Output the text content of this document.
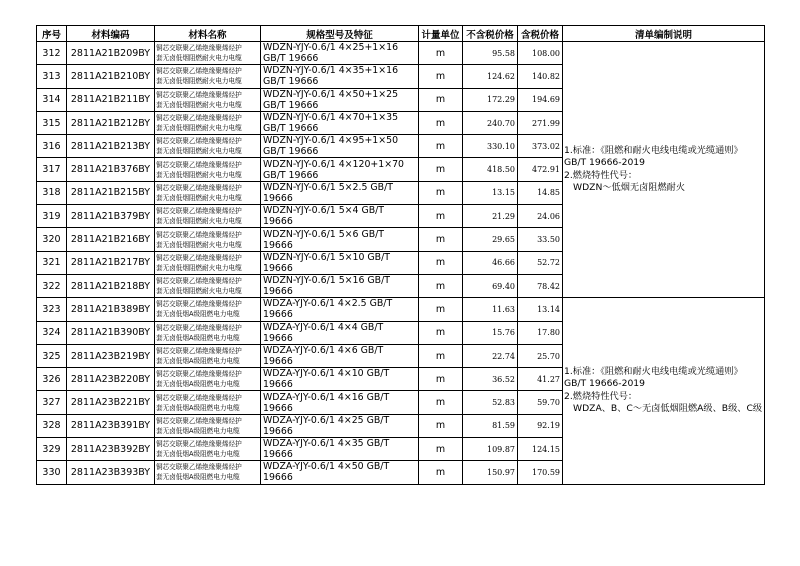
序号	材料编码	材料名称	规格型号及特征	计量单位	不含税价格	含税价格	清单编制说明
312	2811A21B209BY	铜芯交联聚乙烯绝缘聚烯烃护
套无卤低烟阻燃耐火电力电缆	WDZN-YJY-0.6/1 4×25+1×16 GB/T 19666	m	95.58	108.00	1.标准：《阻燃和耐火电线电缆或光缆通则》
GB/T 19666-2019
2.燃烧特性代号：
WDZN～低烟无卤阻燃耐火

313	2811A21B210BY	铜芯交联聚乙烯绝缘聚烯烃护
套无卤低烟阻燃耐火电力电缆	WDZN-YJY-0.6/1 4×35+1×16 GB/T 19666	m	124.62	140.82	
314	2811A21B211BY	铜芯交联聚乙烯绝缘聚烯烃护
套无卤低烟阻燃耐火电力电缆	WDZN-YJY-0.6/1 4×50+1×25 GB/T 19666	m	172.29	194.69	
315	2811A21B212BY	铜芯交联聚乙烯绝缘聚烯烃护
套无卤低烟阻燃耐火电力电缆	WDZN-YJY-0.6/1 4×70+1×35 GB/T 19666	m	240.70	271.99	
316	2811A21B213BY	铜芯交联聚乙烯绝缘聚烯烃护
套无卤低烟阻燃耐火电力电缆	WDZN-YJY-0.6/1 4×95+1×50 GB/T 19666	m	330.10	373.02	
317	2811A21B376BY	铜芯交联聚乙烯绝缘聚烯烃护
套无卤低烟阻燃耐火电力电缆	WDZN-YJY-0.6/1 4×120+1×70 GB/T 19666	m	418.50	472.91	
318	2811A21B215BY	铜芯交联聚乙烯绝缘聚烯烃护
套无卤低烟阻燃耐火电力电缆	WDZN-YJY-0.6/1 5×2.5 GB/T 19666	m	13.15	14.85	
319	2811A21B379BY	铜芯交联聚乙烯绝缘聚烯烃护
套无卤低烟阻燃耐火电力电缆	WDZN-YJY-0.6/1 5×4 GB/T 19666	m	21.29	24.06	
320	2811A21B216BY	铜芯交联聚乙烯绝缘聚烯烃护
套无卤低烟阻燃耐火电力电缆	WDZN-YJY-0.6/1 5×6 GB/T 19666	m	29.65	33.50	
321	2811A21B217BY	铜芯交联聚乙烯绝缘聚烯烃护
套无卤低烟阻燃耐火电力电缆	WDZN-YJY-0.6/1 5×10 GB/T 19666	m	46.66	52.72	
322	2811A21B218BY	铜芯交联聚乙烯绝缘聚烯烃护
套无卤低烟阻燃耐火电力电缆	WDZN-YJY-0.6/1 5×16 GB/T 19666	m	69.40	78.42	
323	2811A21B389BY	铜芯交联聚乙烯绝缘聚烯烃护
套无卤低烟A级阻燃电力电缆	WDZA-YJY-0.6/1 4×2.5 GB/T 19666	m	11.63	13.14	1.标准：《阻燃和耐火电线电缆或光缆通则》
GB/T 19666-2019
2.燃烧特性代号：
WDZA、B、C～无卤低烟阻燃A级、B级、C级

324	2811A21B390BY	铜芯交联聚乙烯绝缘聚烯烃护
套无卤低烟A级阻燃电力电缆	WDZA-YJY-0.6/1 4×4 GB/T 19666	m	15.76	17.80	
325	2811A23B219BY	铜芯交联聚乙烯绝缘聚烯烃护
套无卤低烟A级阻燃电力电缆	WDZA-YJY-0.6/1 4×6 GB/T 19666	m	22.74	25.70	
326	2811A23B220BY	铜芯交联聚乙烯绝缘聚烯烃护
套无卤低烟A级阻燃电力电缆	WDZA-YJY-0.6/1 4×10 GB/T 19666	m	36.52	41.27	
327	2811A23B221BY	铜芯交联聚乙烯绝缘聚烯烃护
套无卤低烟A级阻燃电力电缆	WDZA-YJY-0.6/1 4×16 GB/T 19666	m	52.83	59.70	
328	2811A23B391BY	铜芯交联聚乙烯绝缘聚烯烃护
套无卤低烟A级阻燃电力电缆	WDZA-YJY-0.6/1 4×25 GB/T 19666	m	81.59	92.19	
329	2811A23B392BY	铜芯交联聚乙烯绝缘聚烯烃护
套无卤低烟A级阻燃电力电缆	WDZA-YJY-0.6/1 4×35 GB/T 19666	m	109.87	124.15	
330	2811A23B393BY	铜芯交联聚乙烯绝缘聚烯烃护
套无卤低烟A级阻燃电力电缆	WDZA-YJY-0.6/1 4×50 GB/T 19666	m	150.97	170.59	
